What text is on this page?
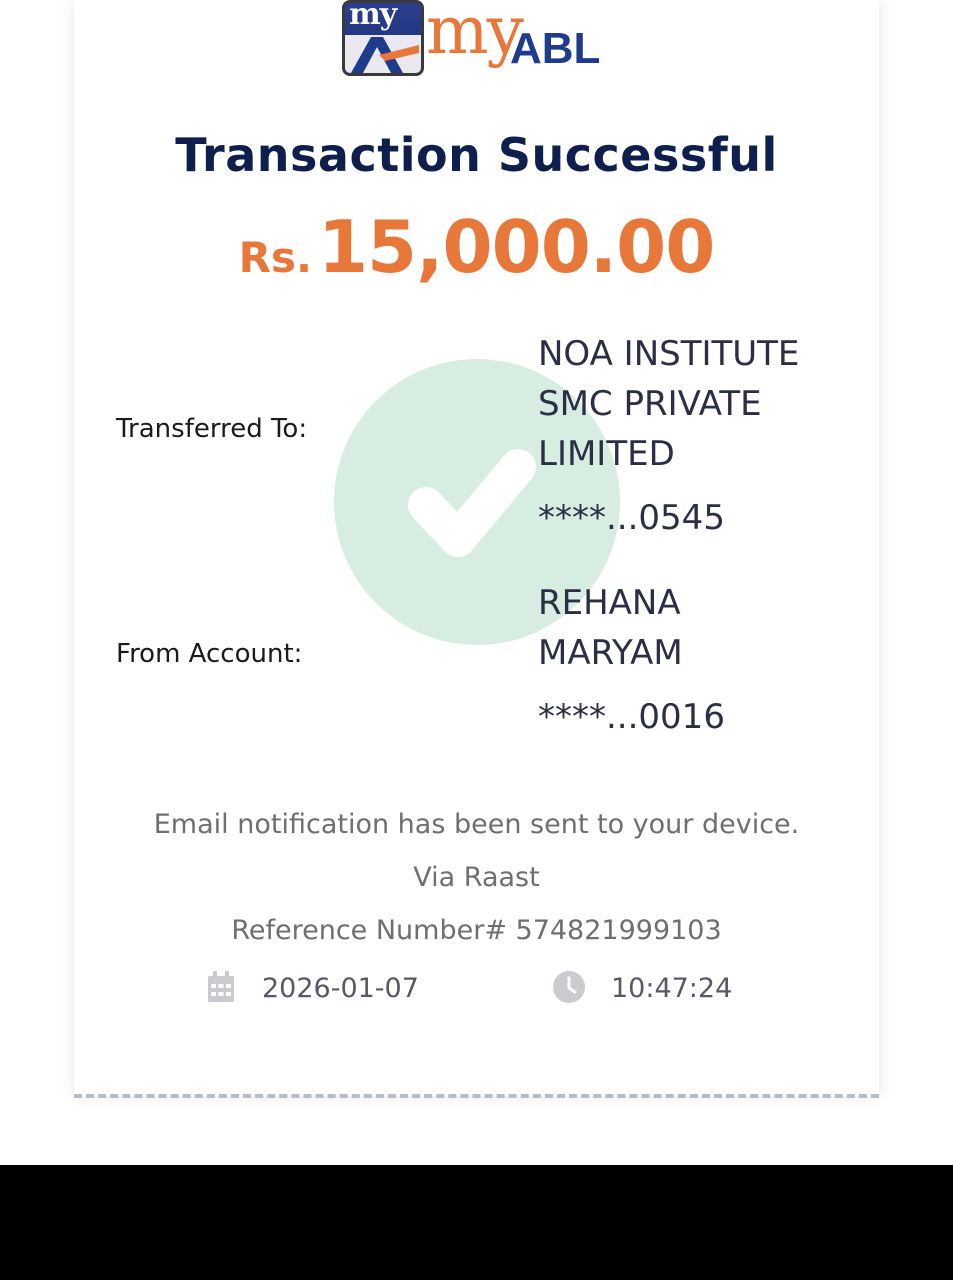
my my
ABL
Transaction Successful
Rs.15,000.00
Transferred To:
NOA INSTITUTE
SMC PRIVATE
LIMITED
****...0545
From Account:
REHANA
MARYAM
****...0016
Email notification has been sent to your device.
Via Raast
Reference Number# 574821999103
2026-01-07	10:47:24
